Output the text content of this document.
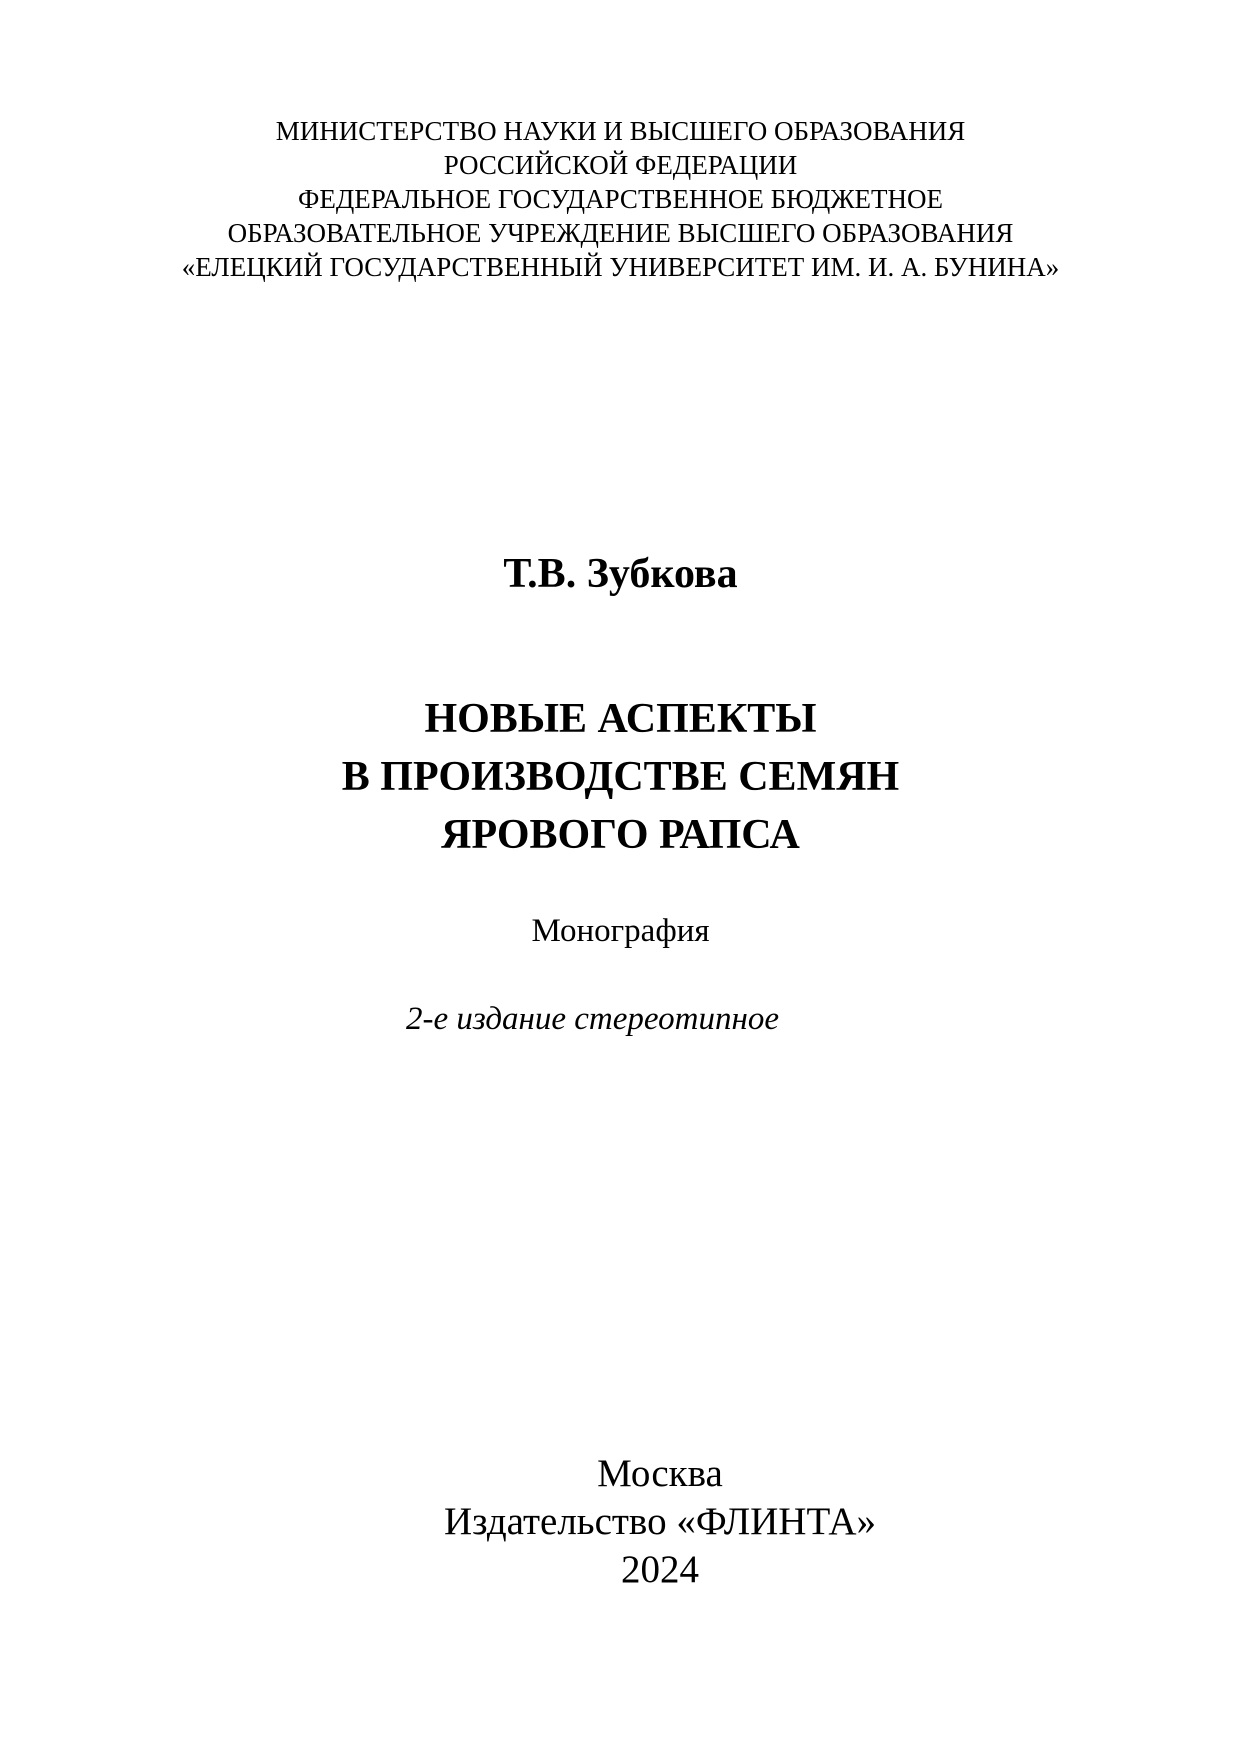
МИНИСТЕРСТВО НАУКИ И ВЫСШЕГО ОБРАЗОВАНИЯ
РОССИЙСКОЙ ФЕДЕРАЦИИ
ФЕДЕРАЛЬНОЕ ГОСУДАРСТВЕННОЕ БЮДЖЕТНОЕ
ОБРАЗОВАТЕЛЬНОЕ УЧРЕЖДЕНИЕ ВЫСШЕГО ОБРАЗОВАНИЯ
«ЕЛЕЦКИЙ ГОСУДАРСТВЕННЫЙ УНИВЕРСИТЕТ ИМ. И. А. БУНИНА»
Т.В. Зубкова
НОВЫЕ АСПЕКТЫ
В ПРОИЗВОДСТВЕ СЕМЯН
ЯРОВОГО РАПСА
Монография
2-е издание стереотипное
Москва
Издательство «ФЛИНТА»
2024
